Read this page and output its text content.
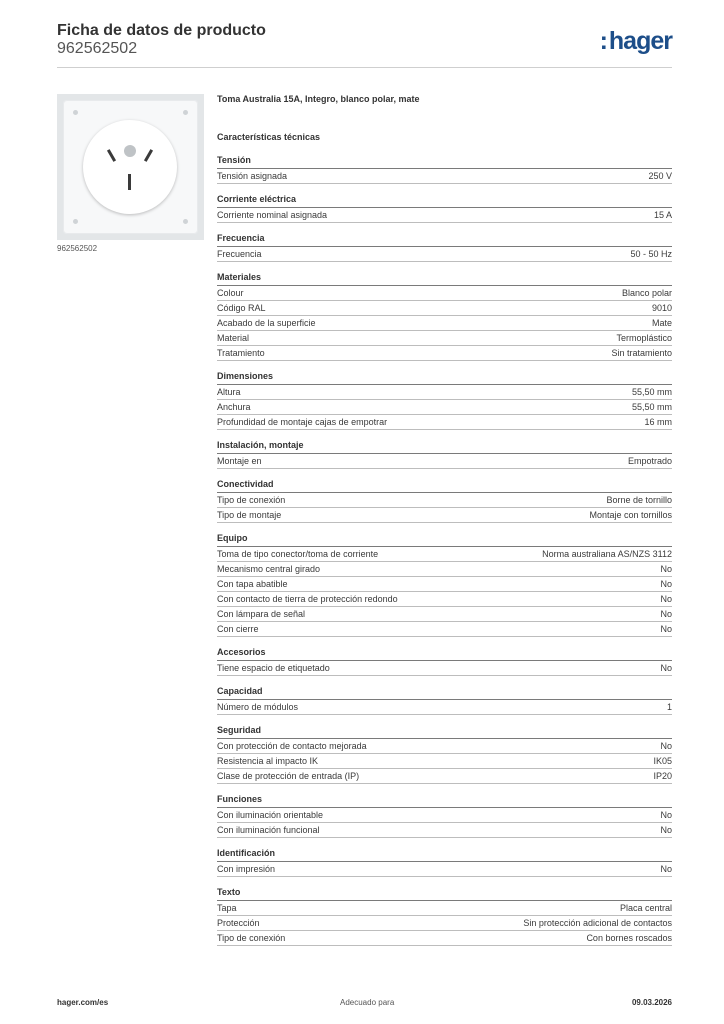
Ficha de datos de producto
962562502	:hager
962562502
Toma Australia 15A, Integro, blanco polar, mate
Características técnicas
Tensión
Tensión asignada	250 V
Corriente eléctrica
Corriente nominal asignada	15 A
Frecuencia
Frecuencia	50 - 50 Hz
Materiales
Colour	Blanco polar
Código RAL	9010
Acabado de la superficie	Mate
Material	Termoplástico
Tratamiento	Sin tratamiento
Dimensiones
Altura	55,50 mm
Anchura	55,50 mm
Profundidad de montaje cajas de empotrar	16 mm
Instalación, montaje
Montaje en	Empotrado
Conectividad
Tipo de conexión	Borne de tornillo
Tipo de montaje	Montaje con tornillos
Equipo
Toma de tipo conector/toma de corriente	Norma australiana AS/NZS 3112
Mecanismo central girado	No
Con tapa abatible	No
Con contacto de tierra de protección redondo	No
Con lámpara de señal	No
Con cierre	No
Accesorios
Tiene espacio de etiquetado	No
Capacidad
Número de módulos	1
Seguridad
Con protección de contacto mejorada	No
Resistencia al impacto IK	IK05
Clase de protección de entrada (IP)	IP20
Funciones
Con iluminación orientable	No
Con iluminación funcional	No
Identificación
Con impresión	No
Texto
Tapa	Placa central
Protección	Sin protección adicional de contactos
Tipo de conexión	Con bornes roscados
hager.com/es	Adecuado para	09.03.2026
